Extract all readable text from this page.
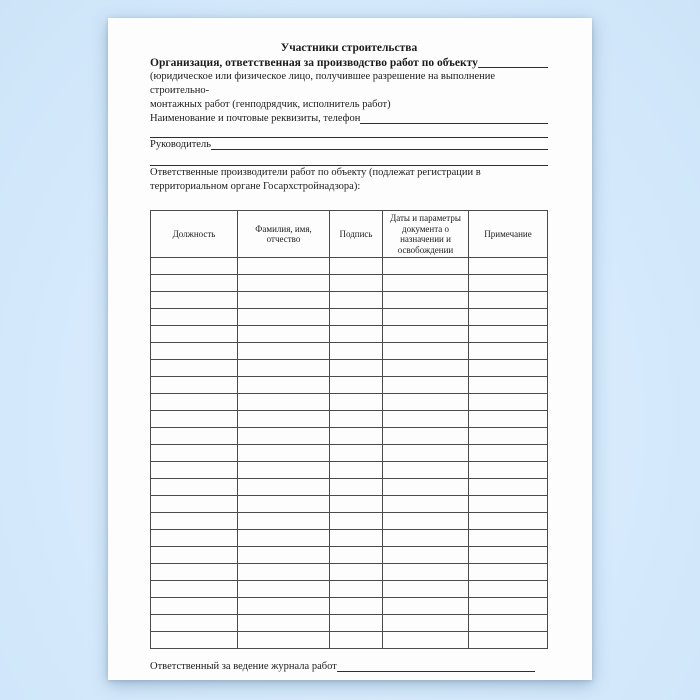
Участники строительства
Организация, ответственная за производство работ по объекту
(юридическое или физическое лицо, получившее разрешение на выполнение строительно-
монтажных работ (генподрядчик, исполнитель работ)
Наименование и почтовые реквизиты, телефон
Руководитель
Ответственные производители работ по объекту (подлежат регистрации в территориальном органе Госархстройнадзора):
Должность	Фамилия, имя, отчество	Подпись	Даты и параметры документа о назначении и освобождении	Примечание

Ответственный за ведение журнала работ
